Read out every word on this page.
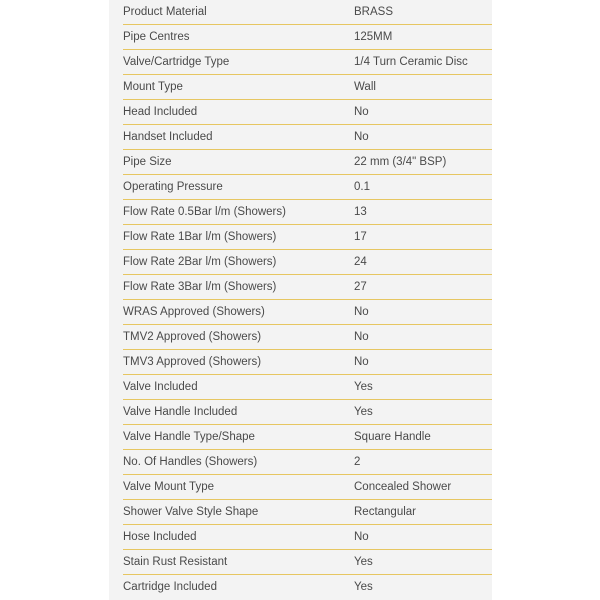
Product Material	BRASS
Pipe Centres	125MM
Valve/Cartridge Type	1/4 Turn Ceramic Disc
Mount Type	Wall
Head Included	No
Handset Included	No
Pipe Size	22 mm (3/4" BSP)
Operating Pressure	0.1
Flow Rate 0.5Bar l/m (Showers)	13
Flow Rate 1Bar l/m (Showers)	17
Flow Rate 2Bar l/m (Showers)	24
Flow Rate 3Bar l/m (Showers)	27
WRAS Approved (Showers)	No
TMV2 Approved (Showers)	No
TMV3 Approved (Showers)	No
Valve Included	Yes
Valve Handle Included	Yes
Valve Handle Type/Shape	Square Handle
No. Of Handles (Showers)	2
Valve Mount Type	Concealed Shower
Shower Valve Style Shape	Rectangular
Hose Included	No
Stain Rust Resistant	Yes
Cartridge Included	Yes
